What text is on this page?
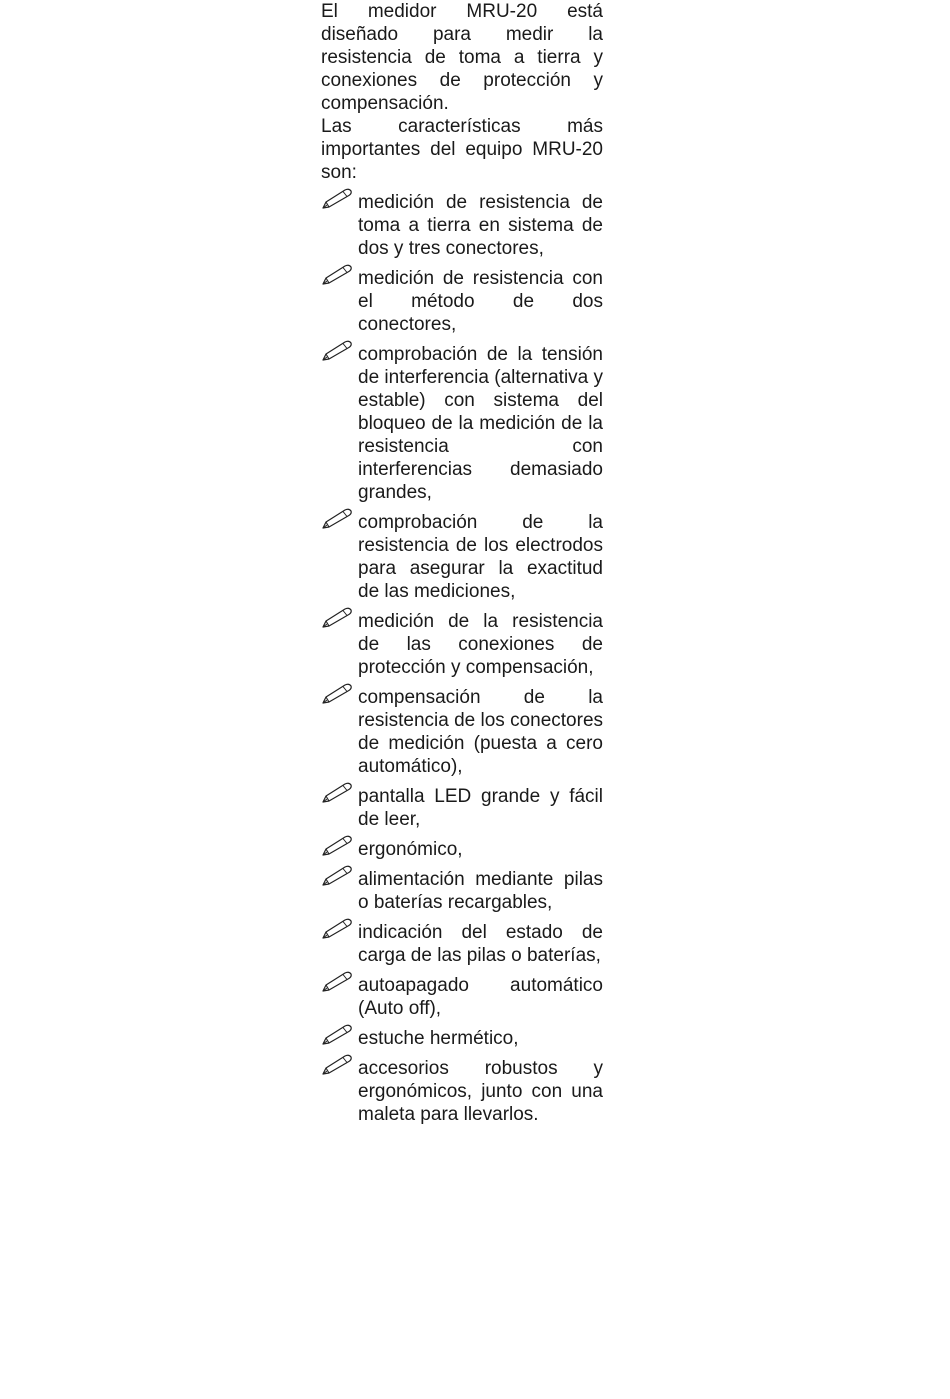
El medidor MRU-20 está diseñado para medir la resistencia de toma a tierra y conexiones de protección y compensación.

Las características más importantes del equipo MRU-20 son:

medición de resistencia de toma a tierra en sistema de dos y tres conectores,
medición de resistencia con el método de dos conectores,
comprobación de la tensión de interferencia (alternativa y estable) con sistema del bloqueo de la medición de la resistencia con interferencias demasiado grandes,
comprobación de la resistencia de los electrodos para asegurar la exactitud de las mediciones,
medición de la resistencia de las conexiones de protección y compensación,
compensación de la resistencia de los conectores de medición (puesta a cero automático),
pantalla LED grande y fácil de leer,
ergonómico,
alimentación mediante pilas o baterías recargables,
indicación del estado de carga de las pilas o baterías,
autoapagado automático (Auto off),
estuche hermético,
accesorios robustos y ergonómicos, junto con una maleta para llevarlos.
